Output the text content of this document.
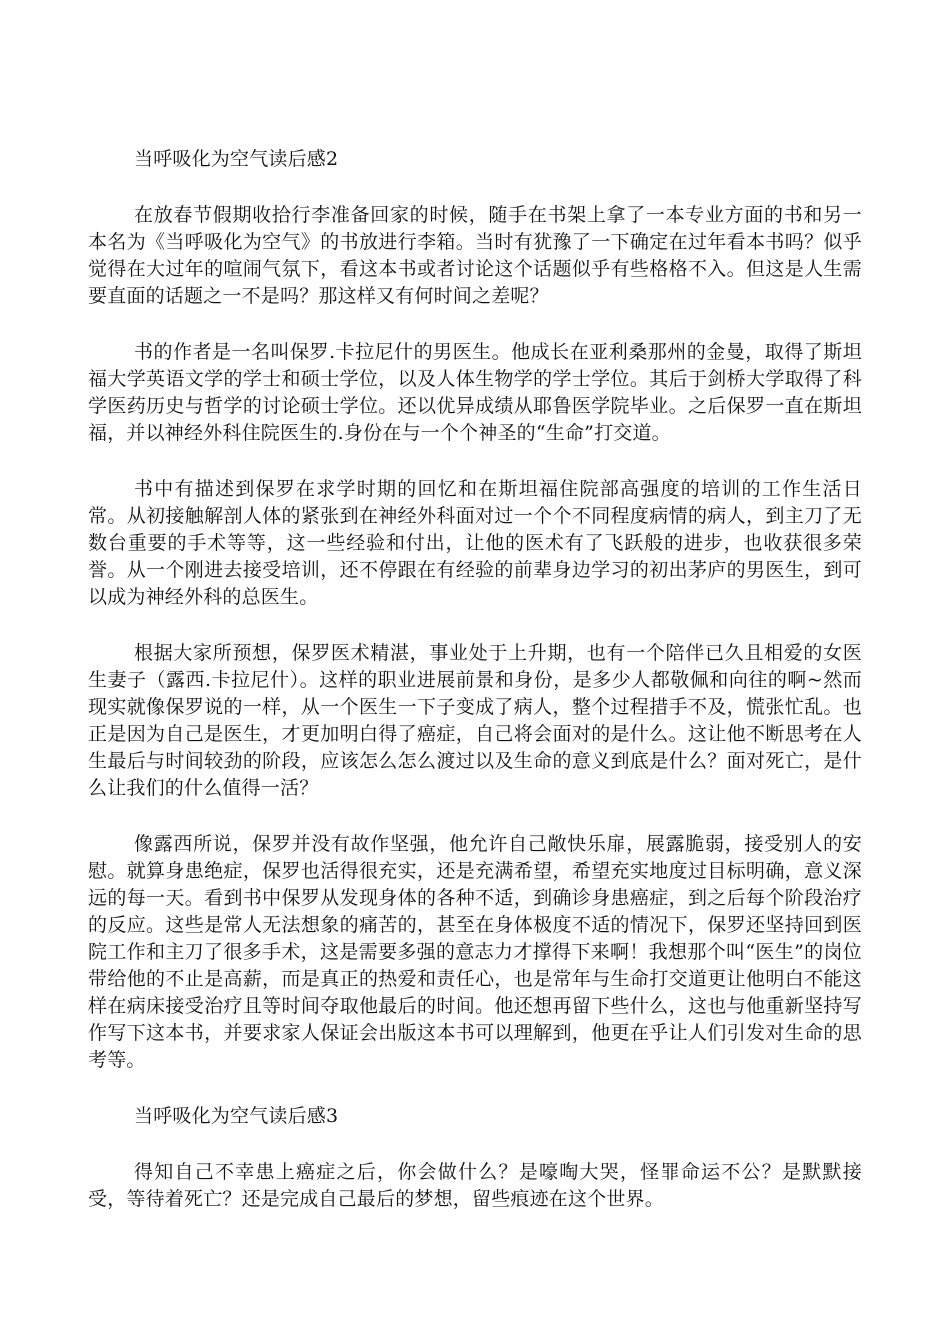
当呼吸化为空气读后感2

在放春节假期收拾行李准备回家的时候，随手在书架上拿了一本专业方面的书和另一本名为《当呼吸化为空气》的书放进行李箱。当时有犹豫了一下确定在过年看本书吗？似乎觉得在大过年的喧闹气氛下，看这本书或者讨论这个话题似乎有些格格不入。但这是人生需要直面的话题之一不是吗？那这样又有何时间之差呢？

书的作者是一名叫保罗.卡拉尼什的男医生。他成长在亚利桑那州的金曼，取得了斯坦福大学英语文学的学士和硕士学位，以及人体生物学的学士学位。其后于剑桥大学取得了科学医药历史与哲学的讨论硕士学位。还以优异成绩从耶鲁医学院毕业。之后保罗一直在斯坦福，并以神经外科住院医生的.身份在与一个个神圣的“生命”打交道。

书中有描述到保罗在求学时期的回忆和在斯坦福住院部高强度的培训的工作生活日常。从初接触解剖人体的紧张到在神经外科面对过一个个不同程度病情的病人，到主刀了无数台重要的手术等等，这一些经验和付出，让他的医术有了飞跃般的进步，也收获很多荣誉。从一个刚进去接受培训，还不停跟在有经验的前辈身边学习的初出茅庐的男医生，到可以成为神经外科的总医生。

根据大家所预想，保罗医术精湛，事业处于上升期，也有一个陪伴已久且相爱的女医生妻子（露西.卡拉尼什）。这样的职业进展前景和身份，是多少人都敬佩和向往的啊~然而现实就像保罗说的一样，从一个医生一下子变成了病人，整个过程措手不及，慌张忙乱。也正是因为自己是医生，才更加明白得了癌症，自己将会面对的是什么。这让他不断思考在人生最后与时间较劲的阶段，应该怎么怎么渡过以及生命的意义到底是什么？面对死亡，是什么让我们的什么值得一活？

像露西所说，保罗并没有故作坚强，他允许自己敞快乐扉，展露脆弱，接受别人的安慰。就算身患绝症，保罗也活得很充实，还是充满希望，希望充实地度过目标明确，意义深远的每一天。看到书中保罗从发现身体的各种不适，到确诊身患癌症，到之后每个阶段治疗的反应。这些是常人无法想象的痛苦的，甚至在身体极度不适的情况下，保罗还坚持回到医院工作和主刀了很多手术，这是需要多强的意志力才撑得下来啊！我想那个叫“医生”的岗位带给他的不止是高薪，而是真正的热爱和责任心，也是常年与生命打交道更让他明白不能这样在病床接受治疗且等时间夺取他最后的时间。他还想再留下些什么，这也与他重新坚持写作写下这本书，并要求家人保证会出版这本书可以理解到，他更在乎让人们引发对生命的思考等。

当呼吸化为空气读后感3

得知自己不幸患上癌症之后，你会做什么？是嚎啕大哭，怪罪命运不公？是默默接受，等待着死亡？还是完成自己最后的梦想，留些痕迹在这个世界。
